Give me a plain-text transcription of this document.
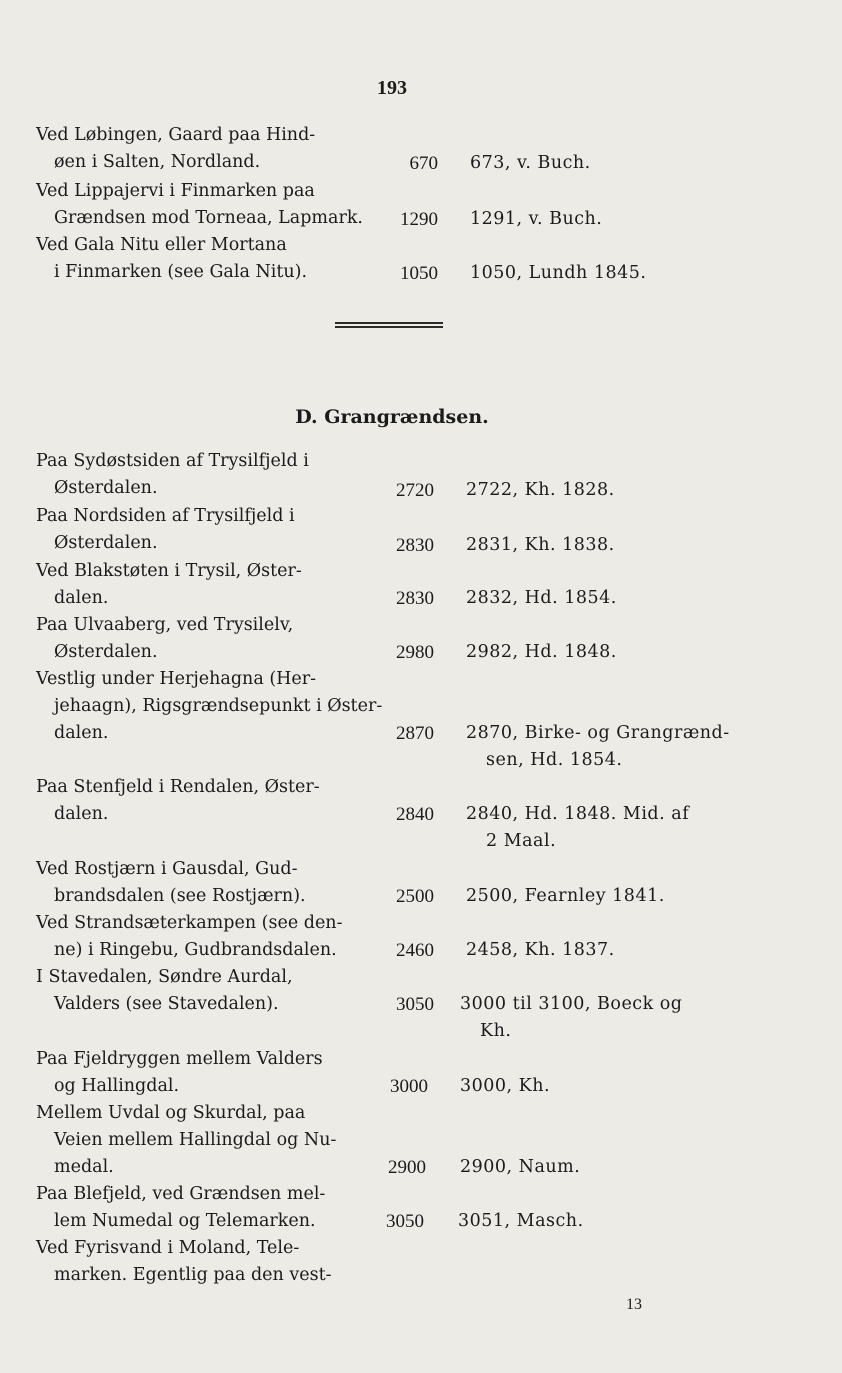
193
Ved Løbingen, Gaard paa Hind-
øen i Salten, Nordland.	670 673, v. Buch.
Ved Lippajervi i Finmarken paa
Grændsen mod Torneaa, Lapmark.	1290 1291, v. Buch.
Ved Gala Nitu eller Mortana
i Finmarken (see Gala Nitu).	1050 1050, Lundh 1845.
D. Grangrændsen.
Paa Sydøstsiden af Trysilfjeld i
Østerdalen.	2720 2722, Kh. 1828.
Paa Nordsiden af Trysilfjeld i
Østerdalen.	2830 2831, Kh. 1838.
Ved Blakstøten i Trysil, Øster-
dalen.	2830 2832, Hd. 1854.
Paa Ulvaaberg, ved Trysilelv,
Østerdalen.	2980 2982, Hd. 1848.
Vestlig under Herjehagna (Her-
jehaagn), Rigsgrændsepunkt i Øster-
dalen.	2870 2870, Birke- og Grangrænd-
sen, Hd. 1854.
Paa Stenfjeld i Rendalen, Øster-
dalen.	2840 2840, Hd. 1848. Mid. af
2 Maal.
Ved Rostjærn i Gausdal, Gud-
brandsdalen (see Rostjærn).	2500 2500, Fearnley 1841.
Ved Strandsæterkampen (see den-
ne) i Ringebu, Gudbrandsdalen.	2460 2458, Kh. 1837.
I Stavedalen, Søndre Aurdal,
Valders (see Stavedalen).	3050 3000 til 3100, Boeck og
Kh.
Paa Fjeldryggen mellem Valders
og Hallingdal.	3000 3000, Kh.
Mellem Uvdal og Skurdal, paa
Veien mellem Hallingdal og Nu-
medal.	2900 2900, Naum.
Paa Blefjeld, ved Grændsen mel-
lem Numedal og Telemarken.	3050 3051, Masch.
Ved Fyrisvand i Moland, Tele-
marken. Egentlig paa den vest-
13
